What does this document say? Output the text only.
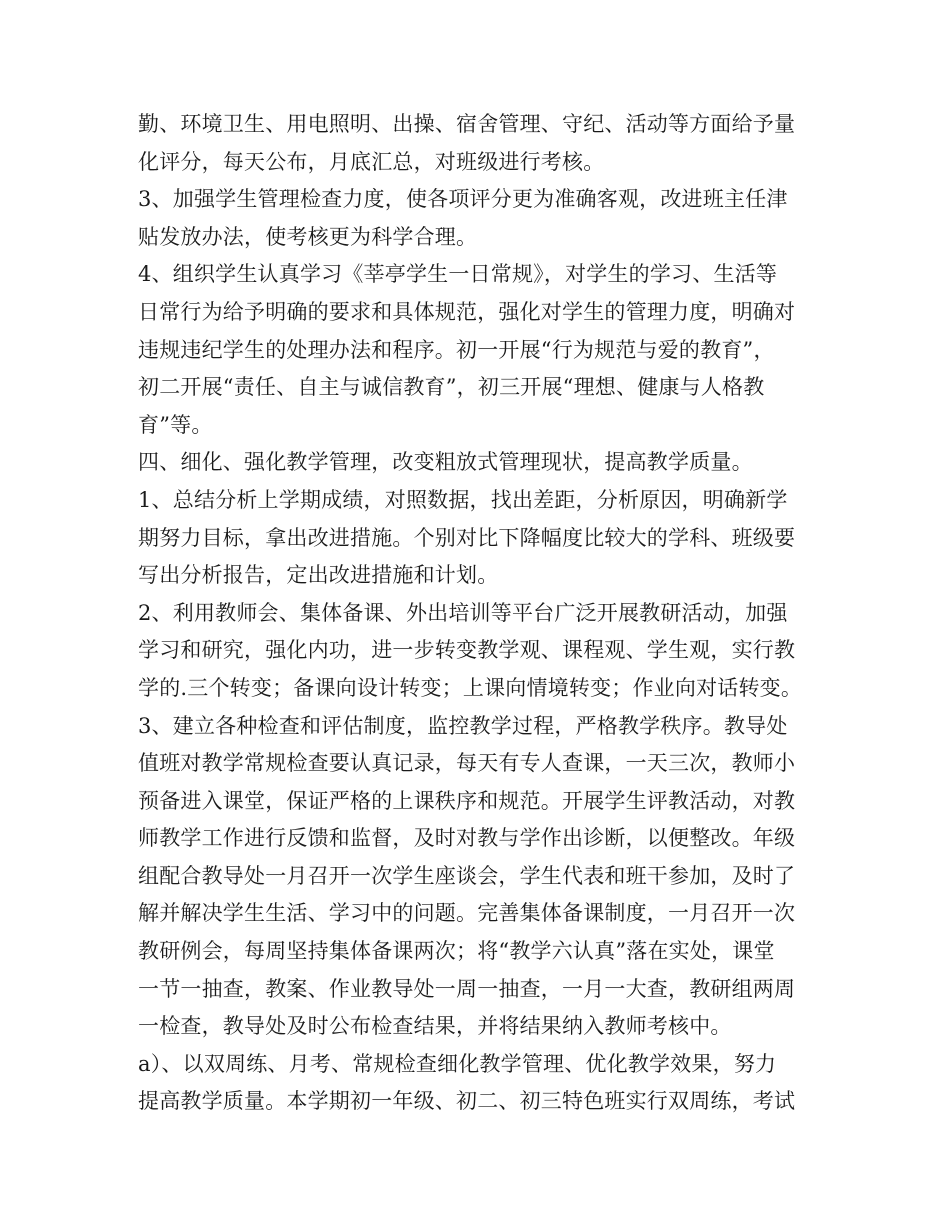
勤、环境卫生、用电照明、出操、宿舍管理、守纪、活动等方面给予量
化评分，每天公布，月底汇总，对班级进行考核。
3、加强学生管理检查力度，使各项评分更为准确客观，改进班主任津
贴发放办法，使考核更为科学合理。
4、组织学生认真学习《莘亭学生一日常规》，对学生的学习、生活等
日常行为给予明确的要求和具体规范，强化对学生的管理力度，明确对
违规违纪学生的处理办法和程序。初一开展“行为规范与爱的教育”，
初二开展“责任、自主与诚信教育”，初三开展“理想、健康与人格教
育”等。
四、细化、强化教学管理，改变粗放式管理现状，提高教学质量。
1、总结分析上学期成绩，对照数据，找出差距，分析原因，明确新学
期努力目标，拿出改进措施。个别对比下降幅度比较大的学科、班级要
写出分析报告，定出改进措施和计划。
2、利用教师会、集体备课、外出培训等平台广泛开展教研活动，加强
学习和研究，强化内功，进一步转变教学观、课程观、学生观，实行教
学的.三个转变；备课向设计转变；上课向情境转变；作业向对话转变。
3、建立各种检查和评估制度，监控教学过程，严格教学秩序。教导处
值班对教学常规检查要认真记录，每天有专人查课，一天三次，教师小
预备进入课堂，保证严格的上课秩序和规范。开展学生评教活动，对教
师教学工作进行反馈和监督，及时对教与学作出诊断，以便整改。年级
组配合教导处一月召开一次学生座谈会，学生代表和班干参加，及时了
解并解决学生生活、学习中的问题。完善集体备课制度，一月召开一次
教研例会，每周坚持集体备课两次；将“教学六认真”落在实处，课堂
一节一抽查，教案、作业教导处一周一抽查，一月一大查，教研组两周
一检查，教导处及时公布检查结果，并将结果纳入教师考核中。
a）、以双周练、月考、常规检查细化教学管理、优化教学效果，努力
提高教学质量。本学期初一年级、初二、初三特色班实行双周练，考试
